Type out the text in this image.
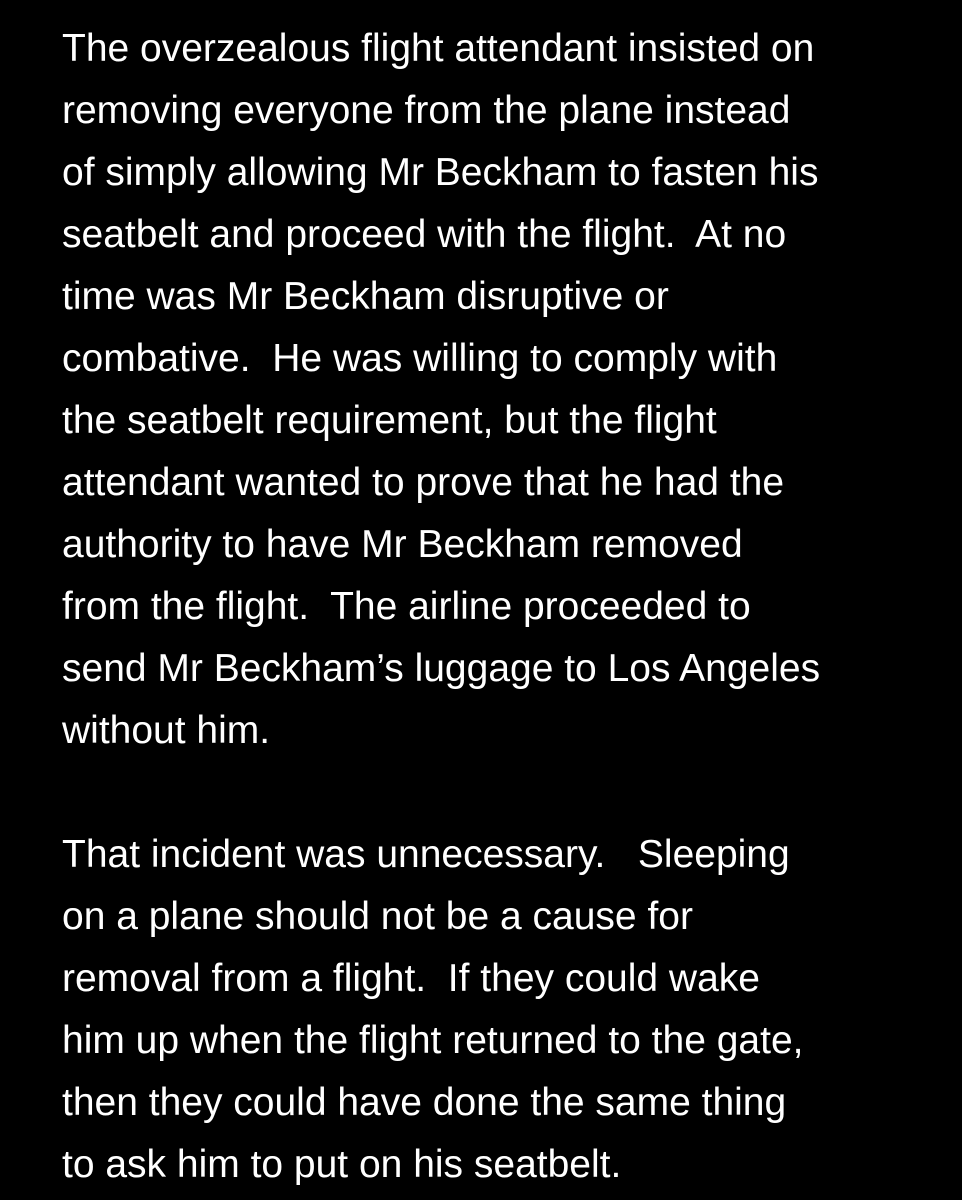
The overzealous flight attendant insisted on
removing everyone from the plane instead
of simply allowing Mr Beckham to fasten his
seatbelt and proceed with the flight.  At no
time was Mr Beckham disruptive or
combative.  He was willing to comply with
the seatbelt requirement, but the flight
attendant wanted to prove that he had the
authority to have Mr Beckham removed
from the flight.  The airline proceeded to
send Mr Beckham’s luggage to Los Angeles
without him.
That incident was unnecessary.   Sleeping
on a plane should not be a cause for
removal from a flight.  If they could wake
him up when the flight returned to the gate,
then they could have done the same thing
to ask him to put on his seatbelt.
